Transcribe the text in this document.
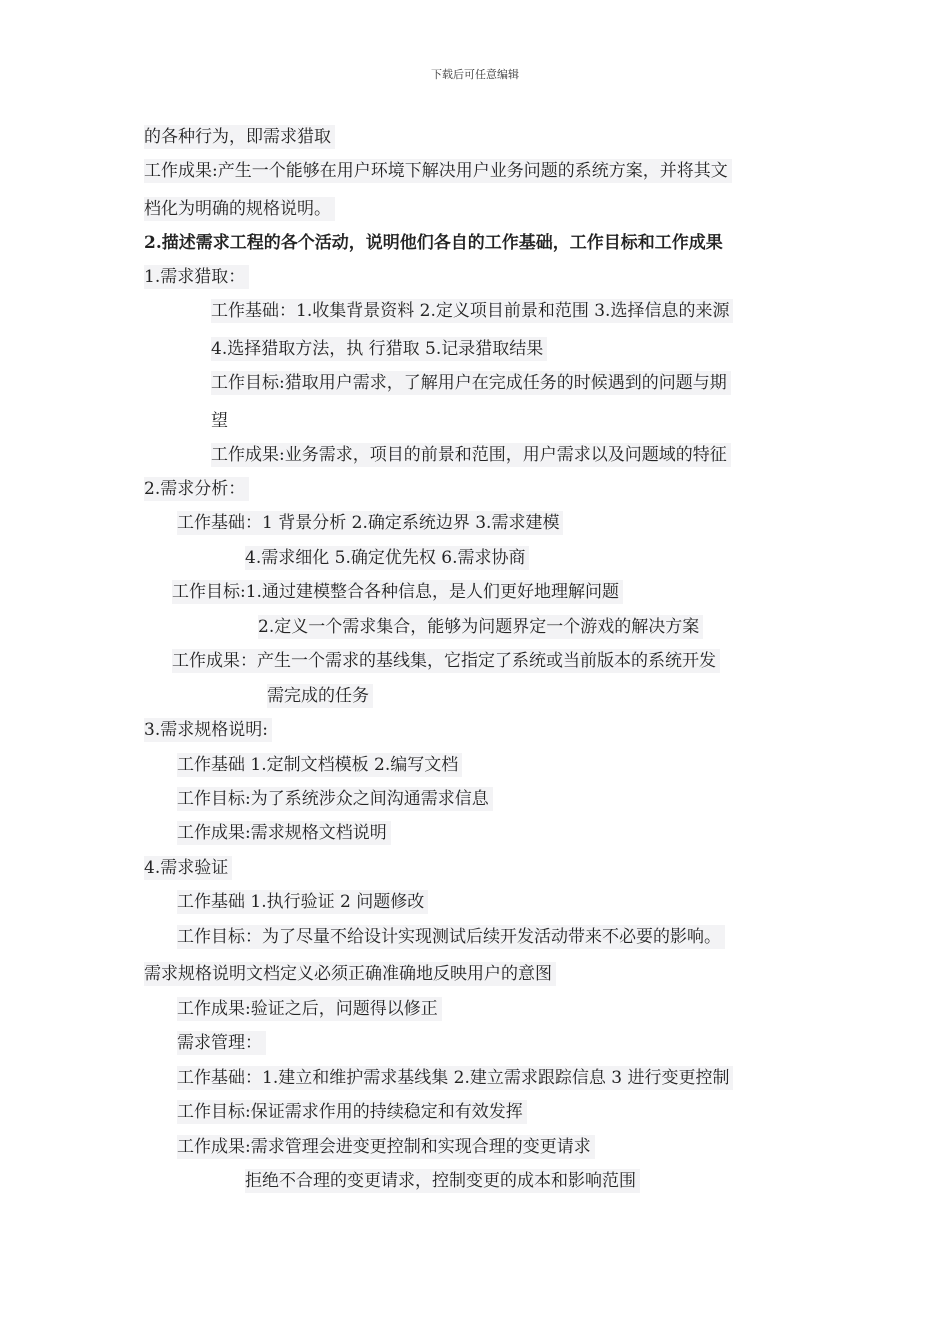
下载后可任意编辑
的各种行为，即需求猎取
工作成果:产生一个能够在用户环境下解决用户业务问题的系统方案，并将其文
档化为明确的规格说明。
2.描述需求工程的各个活动，说明他们各自的工作基础，工作目标和工作成果
1.需求猎取：
工作基础：1.收集背景资料 2.定义项目前景和范围 3.选择信息的来源
4.选择猎取方法，执 行猎取 5.记录猎取结果
工作目标:猎取用户需求，了解用户在完成任务的时候遇到的问题与期
望
工作成果:业务需求，项目的前景和范围，用户需求以及问题域的特征
2.需求分析：
工作基础：1 背景分析 2.确定系统边界 3.需求建模
4.需求细化 5.确定优先权 6.需求协商
工作目标:1.通过建模整合各种信息，是人们更好地理解问题
2.定义一个需求集合，能够为问题界定一个游戏的解决方案
工作成果：产生一个需求的基线集，它指定了系统或当前版本的系统开发
需完成的任务
3.需求规格说明:
工作基础 1.定制文档模板 2.编写文档
工作目标:为了系统涉众之间沟通需求信息
工作成果:需求规格文档说明
4.需求验证
工作基础 1.执行验证 2 问题修改
工作目标：为了尽量不给设计实现测试后续开发活动带来不必要的影响。
需求规格说明文档定义必须正确准确地反映用户的意图
工作成果:验证之后，问题得以修正
需求管理：
工作基础：1.建立和维护需求基线集 2.建立需求跟踪信息 3 进行变更控制
工作目标:保证需求作用的持续稳定和有效发挥
工作成果:需求管理会进变更控制和实现合理的变更请求
拒绝不合理的变更请求，控制变更的成本和影响范围
